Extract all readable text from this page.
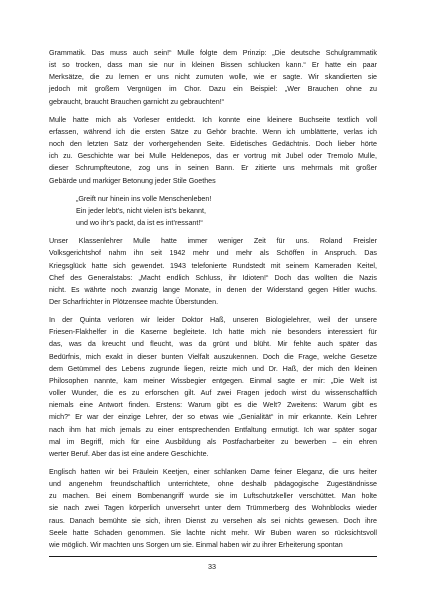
Grammatik. Das muss auch sein!“ Mulle folgte dem Prinzip: „Die deutsche Schulgrammatik
ist so trocken, dass man sie nur in kleinen Bissen schlucken kann.“ Er hatte ein paar
Merksätze, die zu lernen er uns nicht zumuten wolle, wie er sagte. Wir skandierten sie
jedoch mit großem Vergnügen im Chor. Dazu ein Beispiel: „Wer Brauchen ohne zu
gebraucht, braucht Brauchen garnicht zu gebrauchten!“
Mulle hatte mich als Vorleser entdeckt. Ich konnte eine kleinere Buchseite textlich voll
erfassen, während ich die ersten Sätze zu Gehör brachte. Wenn ich umblätterte, verlas ich
noch den letzten Satz der vorhergehenden Seite. Eidetisches Gedächtnis. Doch lieber hörte
ich zu. Geschichte war bei Mulle Heldenepos, das er vortrug mit Jubel oder Tremolo Mulle,
dieser Schrumpfteutone, zog uns in seinen Bann. Er zitierte uns mehrmals mit großer
Gebärde und markiger Betonung jeder Stile Goethes
„Greift nur hinein ins volle Menschenleben!
Ein jeder lebt’s, nicht vielen ist’s bekannt,
und wo ihr’s packt, da ist es int’ressant!“
Unser Klassenlehrer Mulle hatte immer weniger Zeit für uns. Roland Freisler
Volksgerichtshof nahm ihn seit 1942 mehr und mehr als Schöffen in Anspruch. Das
Kriegsglück hatte sich gewendet. 1943 telefonierte Rundstedt mit seinem Kameraden Keitel,
Chef des Generalstabs: „Macht endlich Schluss, ihr Idioten!“ Doch das wollten die Nazis
nicht. Es währte noch zwanzig lange Monate, in denen der Widerstand gegen Hitler wuchs.
Der Scharfrichter in Plötzensee machte Überstunden.
In der Quinta verloren wir leider Doktor Haß, unseren Biologielehrer, weil der unsere
Friesen-Flakhelfer in die Kaserne begleitete. Ich hatte mich nie besonders interessiert für
das, was da kreucht und fleucht, was da grünt und blüht. Mir fehlte auch später das
Bedürfnis, mich exakt in dieser bunten Vielfalt auszukennen. Doch die Frage, welche Gesetze
dem Getümmel des Lebens zugrunde liegen, reizte mich und Dr. Haß, der mich den kleinen
Philosophen nannte, kam meiner Wissbegier entgegen. Einmal sagte er mir: „Die Welt ist
voller Wunder, die es zu erforschen gilt. Auf zwei Fragen jedoch wirst du wissenschaftlich
niemals eine Antwort finden. Erstens: Warum gibt es die Welt? Zweitens: Warum gibt es
mich?“ Er war der einzige Lehrer, der so etwas wie „Genialität“ in mir erkannte. Kein Lehrer
nach ihm hat mich jemals zu einer entsprechenden Entfaltung ermutigt. Ich war später sogar
mal im Begriff, mich für eine Ausbildung als Postfacharbeiter zu bewerben – ein ehren
werter Beruf. Aber das ist eine andere Geschichte.
Englisch hatten wir bei Fräulein Keetjen, einer schlanken Dame feiner Eleganz, die uns heiter
und angenehm freundschaftlich unterrichtete, ohne deshalb pädagogische Zugeständnisse
zu machen. Bei einem Bombenangriff wurde sie im Luftschutzkeller verschüttet. Man holte
sie nach zwei Tagen körperlich unversehrt unter dem Trümmerberg des Wohnblocks wieder
raus. Danach bemühte sie sich, ihren Dienst zu versehen als sei nichts gewesen. Doch ihre
Seele hatte Schaden genommen. Sie lachte nicht mehr. Wir Buben waren so rücksichtsvoll
wie möglich. Wir machten uns Sorgen um sie. Einmal haben wir zu ihrer Erheiterung spontan
33
